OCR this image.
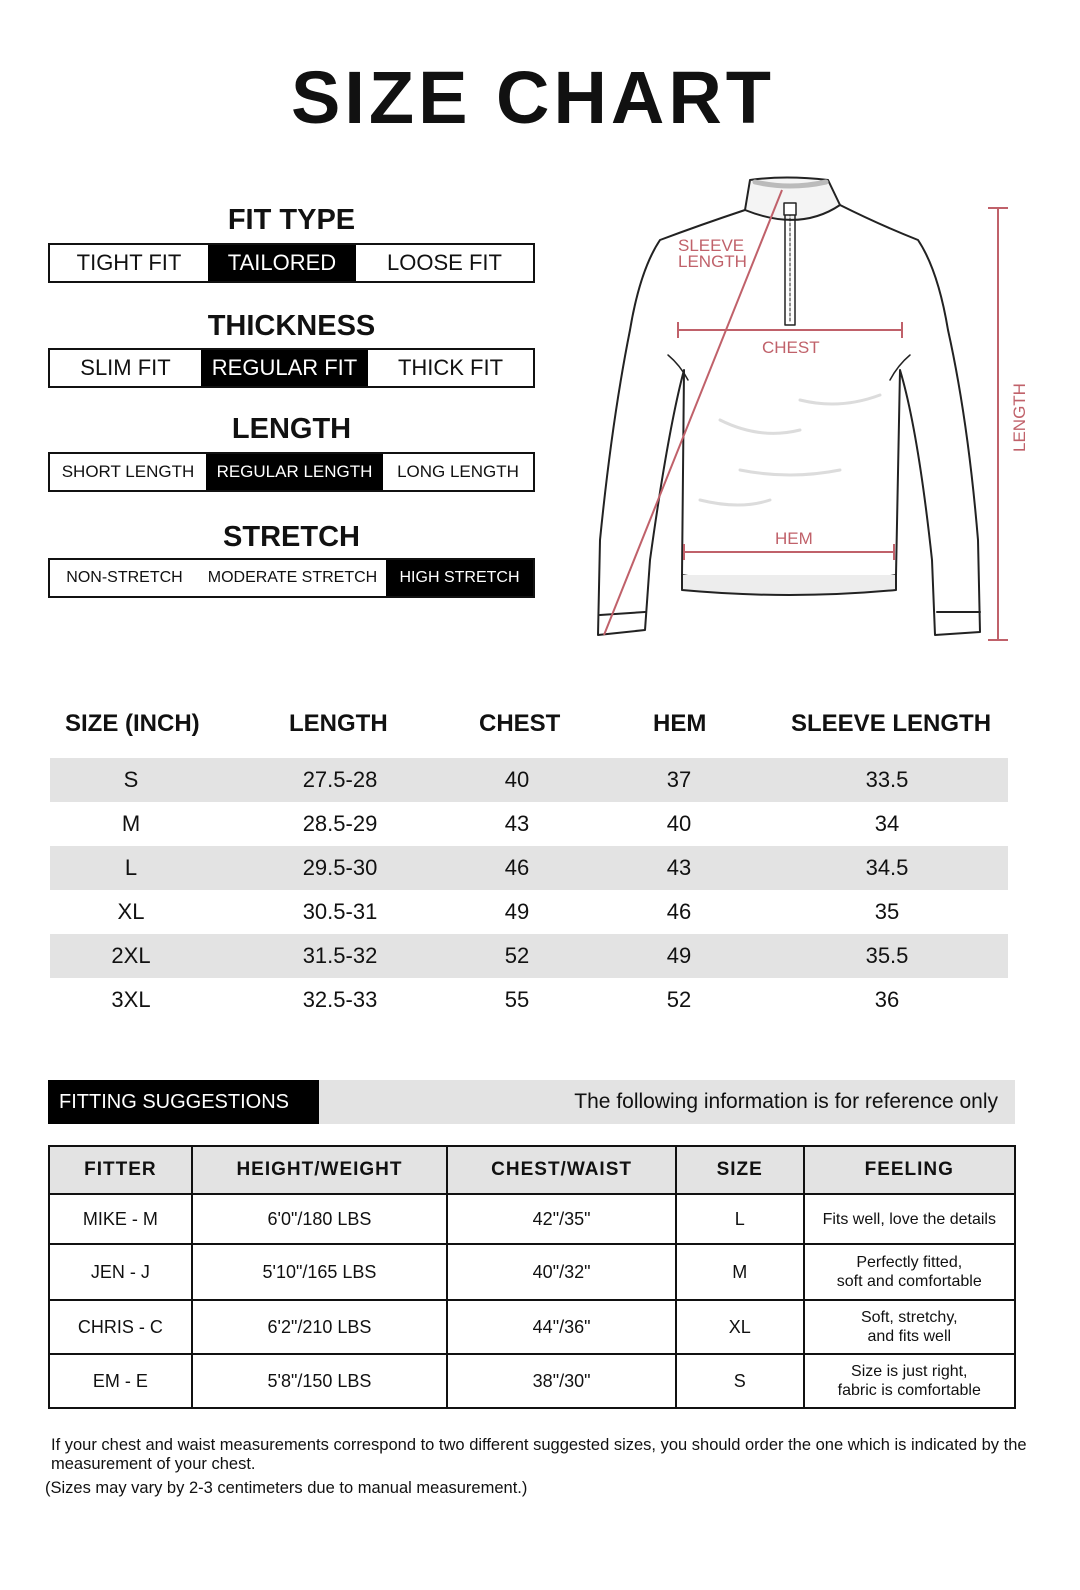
SIZE CHART
FIT TYPE
TIGHT FIT	TAILORED	LOOSE FIT
THICKNESS
SLIM FIT	REGULAR FIT	THICK FIT
LENGTH
SHORT LENGTH	REGULAR LENGTH	LONG LENGTH
STRETCH
NON-STRETCH	MODERATE STRETCH	HIGH STRETCH
SLEEVE
LENGTH
CHEST
HEM
LENGTH
SIZE (INCH)	LENGTH	CHEST	HEM	SLEEVE LENGTH
S	27.5-28	40	37	33.5
M	28.5-29	43	40	34
L	29.5-30	46	43	34.5
XL	30.5-31	49	46	35
2XL	31.5-32	52	49	35.5
3XL	32.5-33	55	52	36
FITTING SUGGESTIONS	The following information is for reference only
FITTER	HEIGHT/WEIGHT	CHEST/WAIST	SIZE	FEELING
MIKE - M	6'0"/180 LBS	42"/35"	L	Fits well, love the details
JEN - J	5'10"/165 LBS	40"/32"	M	Perfectly fitted,
soft and comfortable
CHRIS - C	6'2"/210 LBS	44"/36"	XL	Soft, stretchy,
and fits well
EM - E	5'8"/150 LBS	38"/30"	S	Size is just right,
fabric is comfortable
If your chest and waist measurements correspond to two different suggested sizes, you should order the one which is indicated by the measurement of your chest.
(Sizes may vary by 2-3 centimeters due to manual measurement.)
